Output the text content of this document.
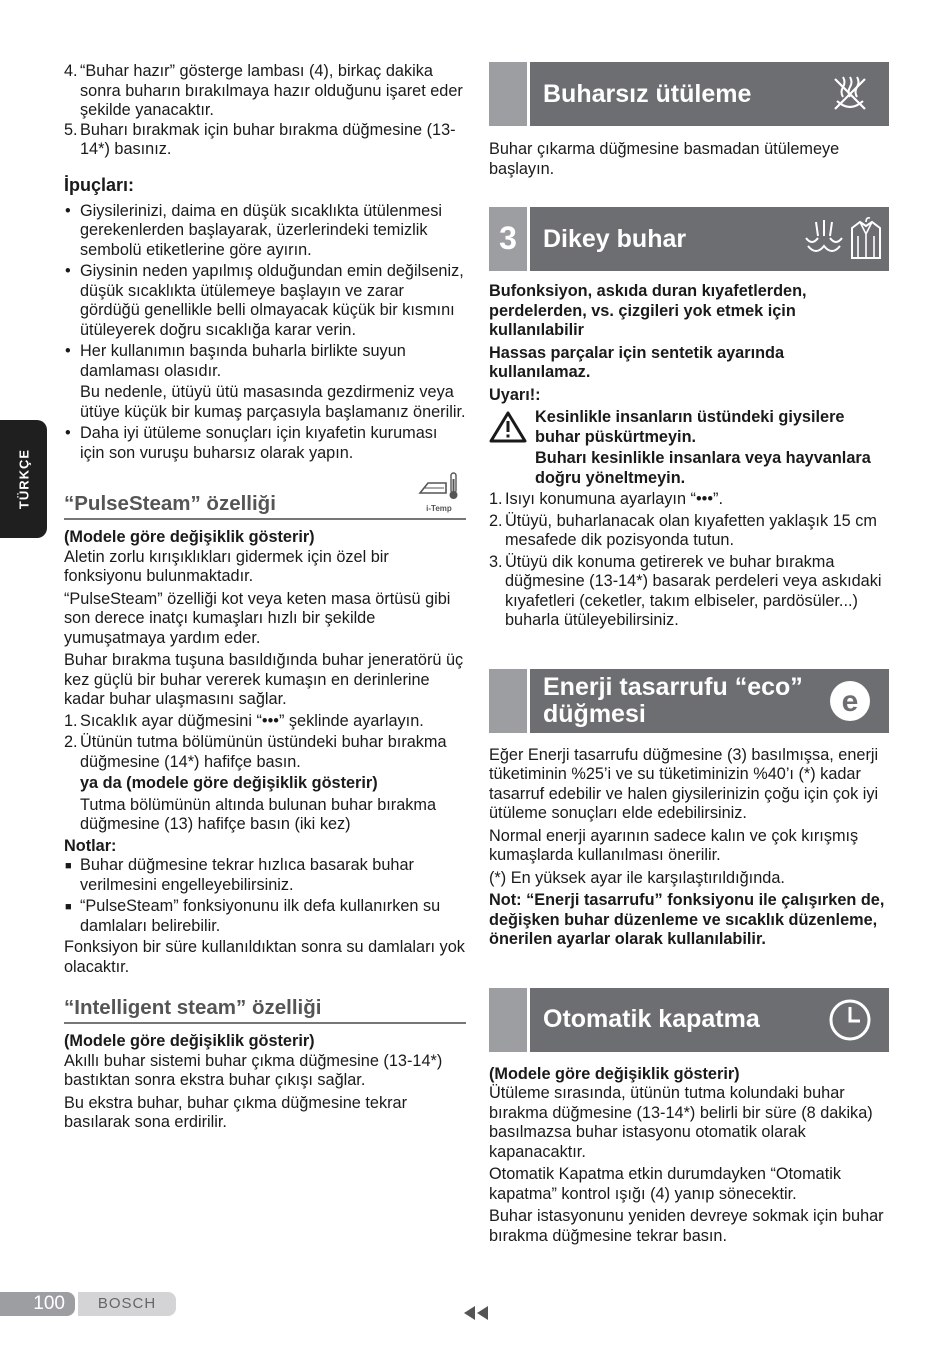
TÜRKÇE
4. “Buhar hazır” gösterge lambası (4), birkaç dakika sonra buharın bırakılmaya hazır olduğunu işaret eder şekilde yanacaktır.
5. Buharı bırakmak için buhar bırakma düğmesine (13-14*) basınız.
İpuçları:
• Giysilerinizi, daima en düşük sıcaklıkta ütülenmesi gerekenlerden başlayarak, üzerlerindeki temizlik sembolü etiketlerine göre ayırın.
• Giysinin neden yapılmış olduğundan emin değilseniz, düşük sıcaklıkta ütülemeye başlayın ve zarar gördüğü genellikle belli olmayacak küçük bir kısmını ütüleyerek doğru sıcaklığa karar verin.
• Her kullanımın başında buharla birlikte suyun damlaması olasıdır.

Bu nedenle, ütüyü ütü masasında gezdirmeniz veya ütüye küçük bir kumaş parçasıyla başlamanız önerilir.

• Daha iyi ütüleme sonuçları için kıyafetin kuruması için son vuruşu buharsız olarak yapın.
“PulseSteam” özelliği	i-Temp

(Modele göre değişiklik gösterir)

Aletin zorlu kırışıklıkları gidermek için özel bir fonksiyonu bulunmaktadır.

“PulseSteam” özelliği kot veya keten masa örtüsü gibi son derece inatçı kumaşları hızlı bir şekilde yumuşatmaya yardım eder.

Buhar bırakma tuşuna basıldığında buhar jeneratörü üç kez güçlü bir buhar vererek kumaşın en derinlerine kadar buhar ulaşmasını sağlar.

1. Sıcaklık ayar düğmesini “•••” şeklinde ayarlayın.
2. Ütünün tutma bölümünün üstündeki buhar bırakma düğmesine (14*) hafifçe basın.

ya da (modele göre değişiklik gösterir)

Tutma bölümünün altında bulunan buhar bırakma düğmesine (13) hafifçe basın (iki kez)

Notlar:

■ Buhar düğmesine tekrar hızlıca basarak buhar verilmesini engelleyebilirsiniz.
■ “PulseSteam” fonksiyonunu ilk defa kullanırken su damlaları belirebilir.

Fonksiyon bir süre kullanıldıktan sonra su damlaları yok olacaktır.

“Intelligent steam” özelliği

(Modele göre değişiklik gösterir)

Akıllı buhar sistemi buhar çıkma düğmesine (13-14*) bastıktan sonra ekstra buhar çıkışı sağlar.

Bu ekstra buhar, buhar çıkma düğmesine tekrar basılarak sona erdirilir.

Buharsız ütüleme

Buhar çıkarma düğmesine basmadan ütülemeye başlayın.

3	Dikey buhar

Bufonksiyon, askıda duran kıyafetlerden, perdelerden, vs. çizgileri yok etmek için kullanılabilir

Hassas parçalar için sentetik ayarında kullanılamaz.

Uyarı!:

Kesinlikle insanların üstündeki giysilere buhar püskürtmeyin.

Buharı kesinlikle insanlara veya hayvanlara doğru yöneltmeyin.

1. Isıyı konumuna ayarlayın “•••”.
2. Ütüyü, buharlanacak olan kıyafetten yaklaşık 15 cm mesafede dik pozisyonda tutun.
3. Ütüyü dik konuma getirerek ve buhar bırakma düğmesine (13-14*) basarak perdeleri veya askıdaki kıyafetleri (ceketler, takım elbiseler, pardösüler...) buharla ütüleyebilirsiniz.
Enerji tasarrufu “eco” düğmesi	e

Eğer Enerji tasarrufu düğmesine (3) basılmışsa, enerji tüketiminin %25’i ve su tüketiminizin %40’ı (*) kadar tasarruf edebilir ve halen giysilerinizin çoğu için çok iyi ütüleme sonuçları elde edebilirsiniz.

Normal enerji ayarının sadece kalın ve çok kırışmış kumaşlarda kullanılması önerilir.

(*) En yüksek ayar ile karşılaştırıldığında.

Not: “Enerji tasarrufu” fonksiyonu ile çalışırken de, değişken buhar düzenleme ve sıcaklık düzenleme, önerilen ayarlar olarak kullanılabilir.

Otomatik kapatma

(Modele göre değişiklik gösterir)

Ütüleme sırasında, ütünün tutma kolundaki buhar bırakma düğmesine (13-14*) belirli bir süre (8 dakika) basılmazsa buhar istasyonu otomatik olarak kapanacaktır.

Otomatik Kapatma etkin durumdayken “Otomatik kapatma” kontrol ışığı (4) yanıp sönecektir.

Buhar istasyonunu yeniden devreye sokmak için buhar bırakma düğmesine tekrar basın.

100 BOSCH
